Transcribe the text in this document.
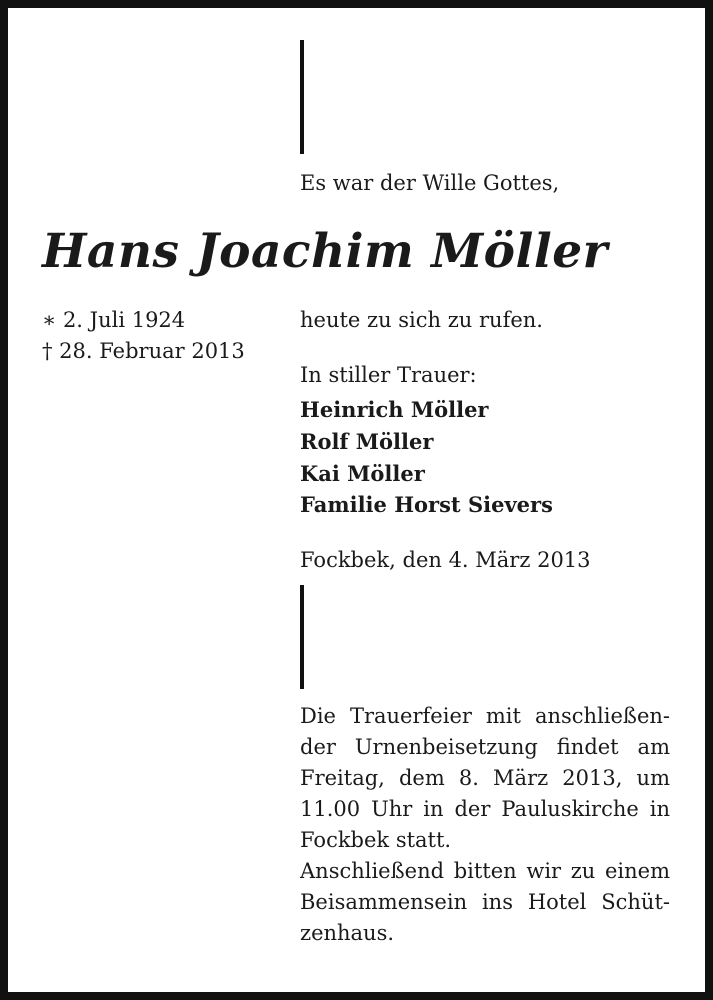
Es war der Wille Gottes,
Hans Joachim Möller
∗ 2. Juli 1924
† 28. Februar 2013
heute zu sich zu rufen.
In stiller Trauer:
Heinrich Möller
Rolf Möller
Kai Möller
Familie Horst Sievers
Fockbek, den 4. März 2013
Die Trauerfeier mit anschließen-
der Urnenbeisetzung findet am
Freitag, dem 8. März 2013, um
11.00 Uhr in der Pauluskirche in
Fockbek statt.
Anschließend bitten wir zu einem
Beisammensein ins Hotel Schüt-
zenhaus.
